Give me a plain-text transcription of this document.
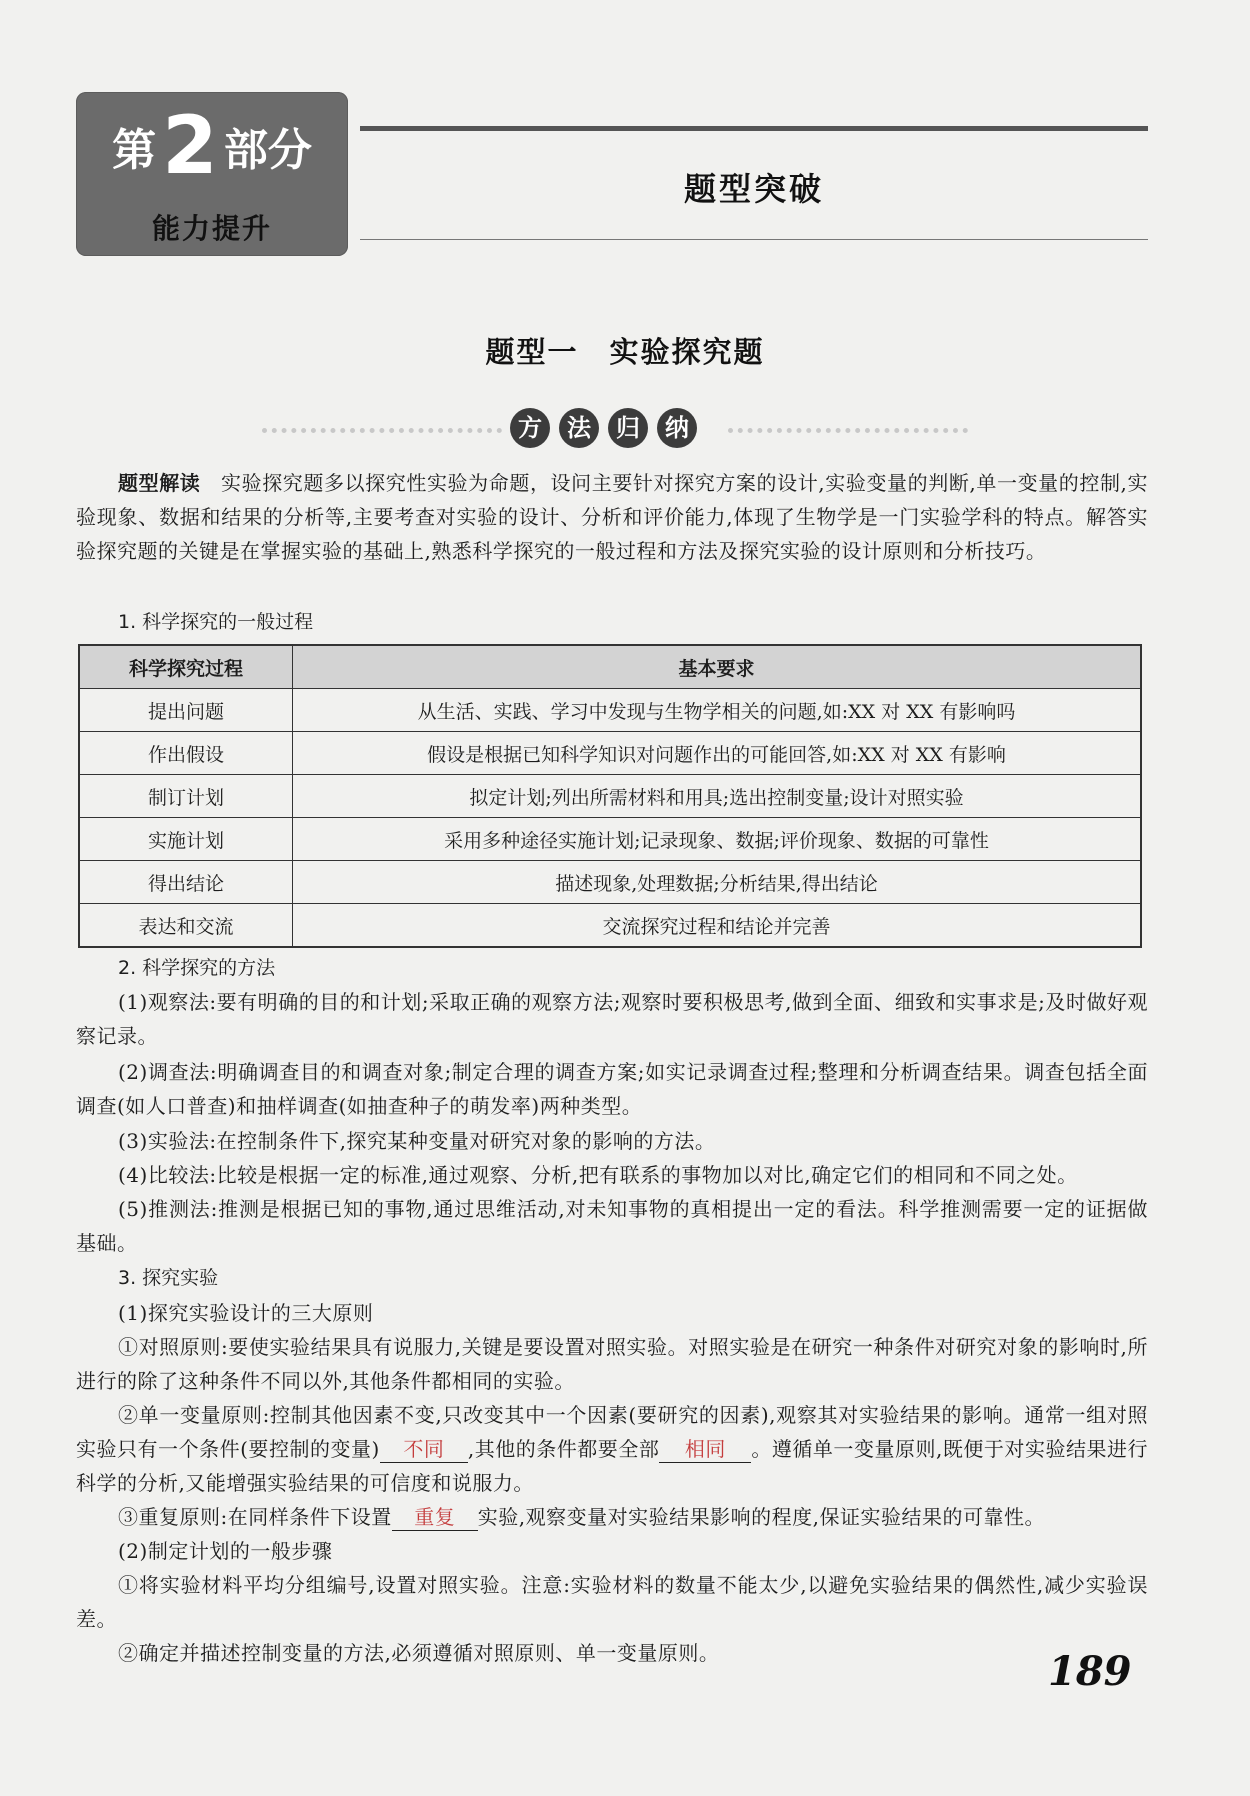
第2 部分
能力提升
题型突破
题型一　实验探究题
方	法	归	纳
题型解读　 实验探究题多以探究性实验为命题，设问主要针对探究方案的设计,实验变量的判断,单一变量的控制,实验现象、数据和结果的分析等,主要考查对实验的设计、分析和评价能力,体现了生物学是一门实验学科的特点。解答实验探究题的关键是在掌握实验的基础上,熟悉科学探究的一般过程和方法及探究实验的设计原则和分析技巧。
1. 科学探究的一般过程
科学探究过程	基本要求
提出问题	从生活、实践、学习中发现与生物学相关的问题,如:XX 对 XX 有影响吗
作出假设	假设是根据已知科学知识对问题作出的可能回答,如:XX 对 XX 有影响
制订计划	拟定计划;列出所需材料和用具;选出控制变量;设计对照实验
实施计划	采用多种途径实施计划;记录现象、数据;评价现象、数据的可靠性
得出结论	描述现象,处理数据;分析结果,得出结论
表达和交流	交流探究过程和结论并完善
2. 科学探究的方法
(1)观察法:要有明确的目的和计划;采取正确的观察方法;观察时要积极思考,做到全面、细致和实事求是;及时做好观察记录。
(2)调查法:明确调查目的和调查对象;制定合理的调查方案;如实记录调查过程;整理和分析调查结果。调查包括全面调查(如人口普查)和抽样调查(如抽查种子的萌发率)两种类型。
(3)实验法:在控制条件下,探究某种变量对研究对象的影响的方法。
(4)比较法:比较是根据一定的标准,通过观察、分析,把有联系的事物加以对比,确定它们的相同和不同之处。
(5)推测法:推测是根据已知的事物,通过思维活动,对未知事物的真相提出一定的看法。科学推测需要一定的证据做基础。
3. 探究实验
(1)探究实验设计的三大原则
①对照原则:要使实验结果具有说服力,关键是要设置对照实验。对照实验是在研究一种条件对研究对象的影响时,所进行的除了这种条件不同以外,其他条件都相同的实验。
②单一变量原则:控制其他因素不变,只改变其中一个因素(要研究的因素),观察其对实验结果的影响。通常一组对照实验只有一个条件(要控制的变量) 不同 ,其他的条件都要全部 相同 。遵循单一变量原则,既便于对实验结果进行科学的分析,又能增强实验结果的可信度和说服力。
③重复原则:在同样条件下设置 重复 实验,观察变量对实验结果影响的程度,保证实验结果的可靠性。
(2)制定计划的一般步骤
①将实验材料平均分组编号,设置对照实验。注意:实验材料的数量不能太少,以避免实验结果的偶然性,减少实验误差。
②确定并描述控制变量的方法,必须遵循对照原则、单一变量原则。	189
